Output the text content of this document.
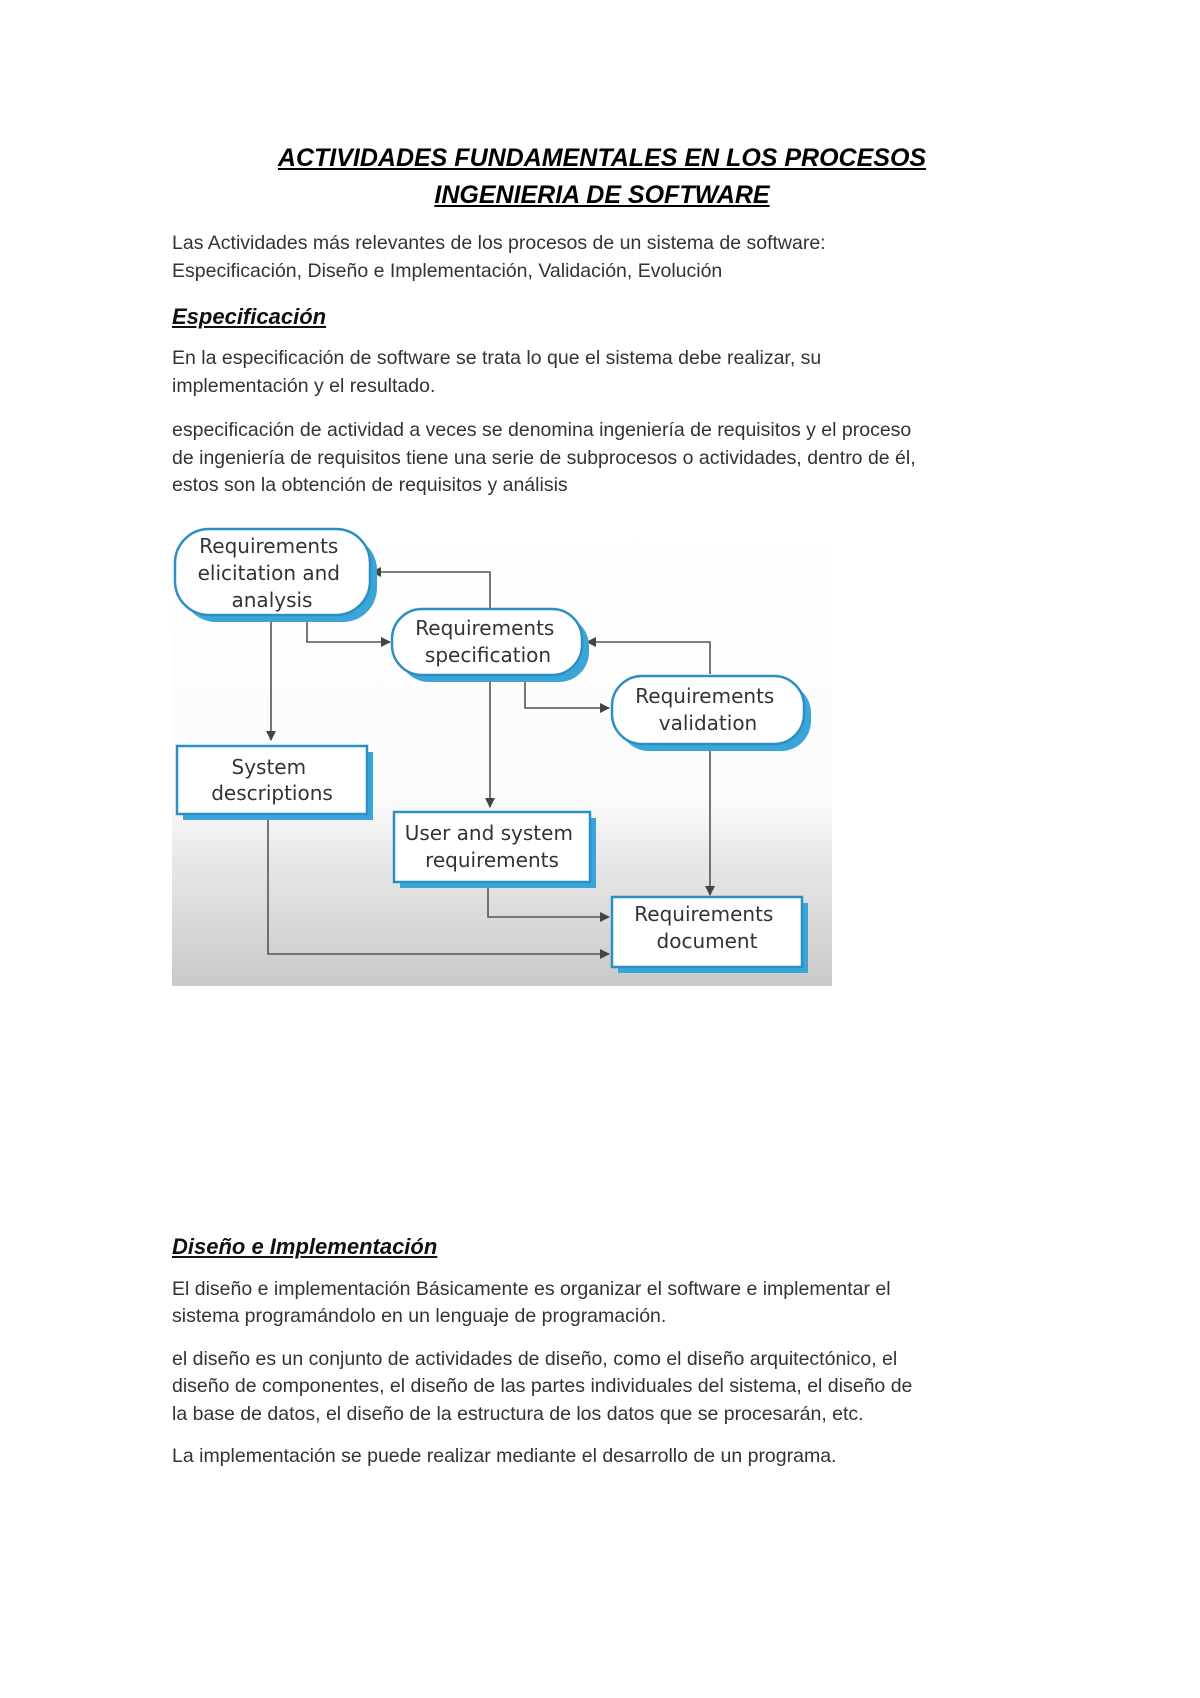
ACTIVIDADES FUNDAMENTALES EN LOS PROCESOS
INGENIERIA DE SOFTWARE

Las Actividades más relevantes de los procesos de un sistema de software:
Especificación, Diseño e Implementación, Validación, Evolución

Especificación

En la especificación de software se trata lo que el sistema debe realizar, su
implementación y el resultado.

especificación de actividad a veces se denomina ingeniería de requisitos y el proceso
de ingeniería de requisitos tiene una serie de subprocesos o actividades, dentro de él,
estos son la obtención de requisitos y análisis

Requirements elicitation and analysis
Requirements specification
Requirements validation
System descriptions
User and system requirements
Requirements document
Diseño e Implementación

El diseño e implementación Básicamente es organizar el software e implementar el
sistema programándolo en un lenguaje de programación.

el diseño es un conjunto de actividades de diseño, como el diseño arquitectónico, el
diseño de componentes, el diseño de las partes individuales del sistema, el diseño de
la base de datos, el diseño de la estructura de los datos que se procesarán, etc.

La implementación se puede realizar mediante el desarrollo de un programa.
